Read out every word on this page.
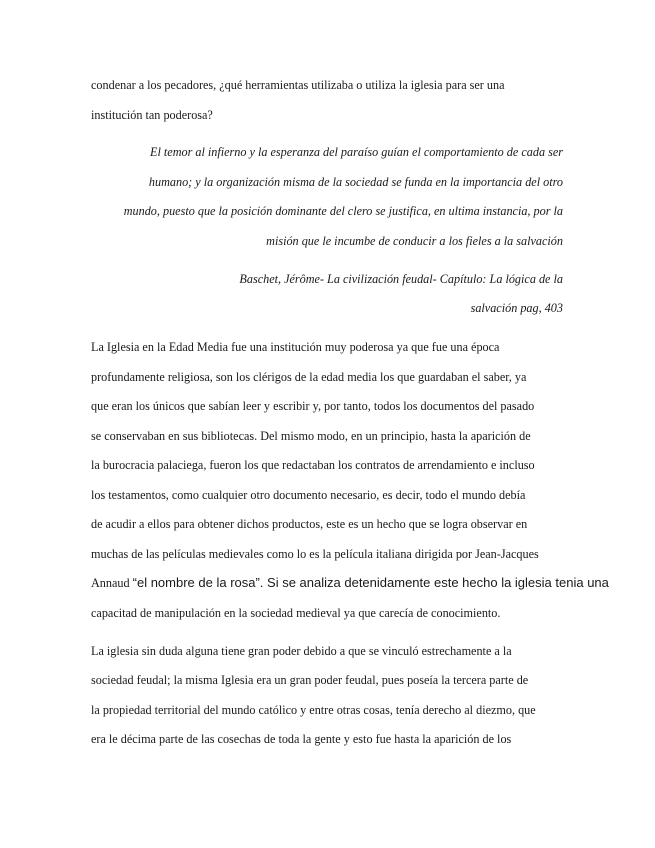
condenar a los pecadores, ¿qué herramientas utilizaba o utiliza la iglesia para ser una
institución tan poderosa?
El temor al infierno y la esperanza del paraíso guían el comportamiento de cada ser
humano; y la organización misma de la sociedad se funda en la importancia del otro
mundo, puesto que la posición dominante del clero se justifica, en ultima instancia, por la
misión que le incumbe de conducir a los fieles a la salvación
Baschet, Jérôme- La civilización feudal- Capítulo: La lógica de la
salvación pag, 403
La Iglesia en la Edad Media fue una institución muy poderosa ya que fue una época
profundamente religiosa, son los clérigos de la edad media los que guardaban el saber, ya
que eran los únicos que sabían leer y escribir y, por tanto, todos los documentos del pasado
se conservaban en sus bibliotecas. Del mismo modo, en un principio, hasta la aparición de
la burocracia palaciega, fueron los que redactaban los contratos de arrendamiento e incluso
los testamentos, como cualquier otro documento necesario, es decir, todo el mundo debía
de acudir a ellos para obtener dichos productos, este es un hecho que se logra observar en
muchas de las películas medievales como lo es la película italiana dirigida por Jean-Jacques
Annaud “el nombre de la rosa”. Si se analiza detenidamente este hecho la iglesia tenia una
capacitad de manipulación en la sociedad medieval ya que carecía de conocimiento.
La iglesia sin duda alguna tiene gran poder debido a que se vinculó estrechamente a la
sociedad feudal; la misma Iglesia era un gran poder feudal, pues poseía la tercera parte de
la propiedad territorial del mundo católico y entre otras cosas, tenía derecho al diezmo, que
era le décima parte de las cosechas de toda la gente y esto fue hasta la aparición de los
